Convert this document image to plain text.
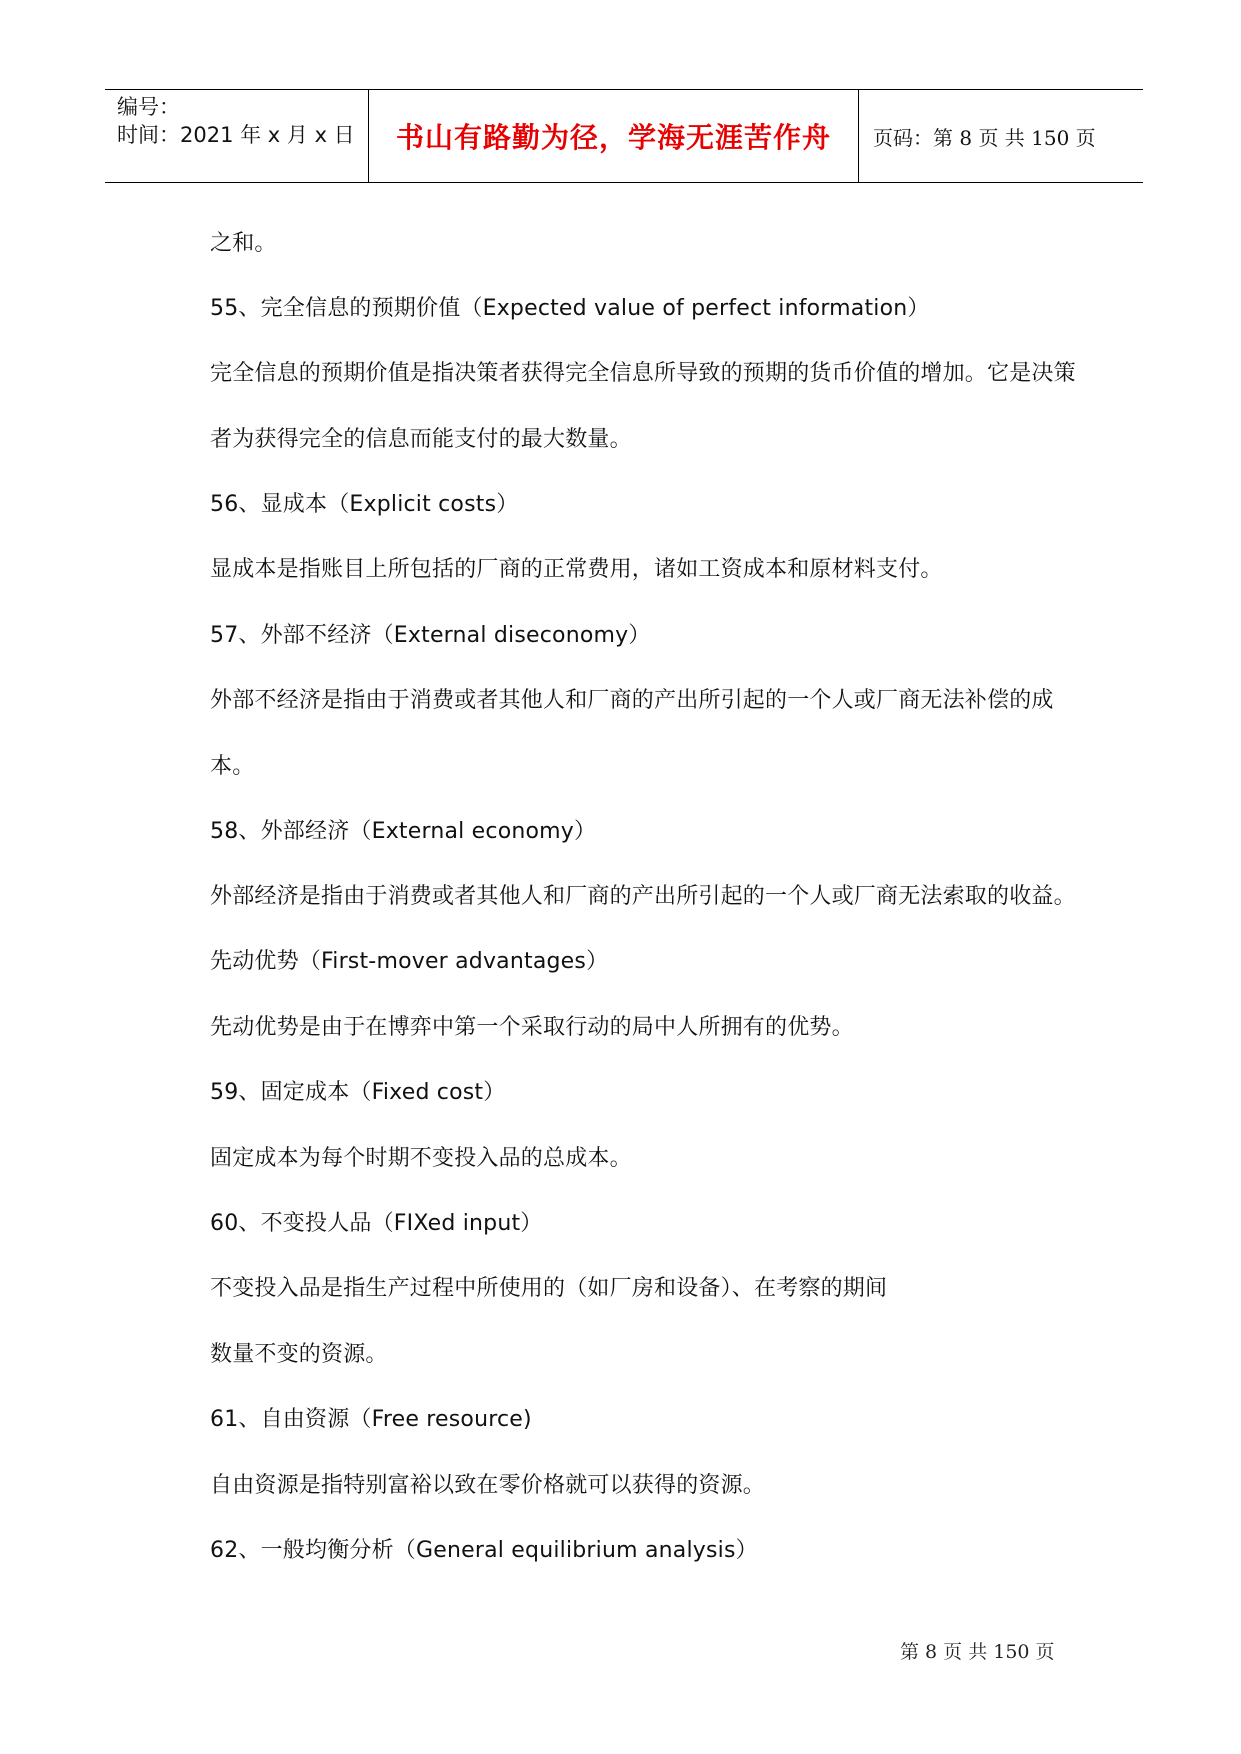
编号：
时间：2021 年 x 月 x 日	书山有路勤为径，学海无涯苦作舟	页码：第 8 页 共 150 页
之和。
55、完全信息的预期价值（Expected value of perfect information）
完全信息的预期价值是指决策者获得完全信息所导致的预期的货币价值的增加。它是决策
者为获得完全的信息而能支付的最大数量。
56、显成本（Explicit costs）
显成本是指账目上所包括的厂商的正常费用，诸如工资成本和原材料支付。
57、外部不经济（External diseconomy）
外部不经济是指由于消费或者其他人和厂商的产出所引起的一个人或厂商无法补偿的成
本。
58、外部经济（External economy）
外部经济是指由于消费或者其他人和厂商的产出所引起的一个人或厂商无法索取的收益。
先动优势（First-mover advantages）
先动优势是由于在博弈中第一个采取行动的局中人所拥有的优势。
59、固定成本（Fixed cost）
固定成本为每个时期不变投入品的总成本。
60、不变投人品（FIXed input）
不变投入品是指生产过程中所使用的（如厂房和设备）、在考察的期间
数量不变的资源。
61、自由资源（Free resource)
自由资源是指特别富裕以致在零价格就可以获得的资源。
62、一般均衡分析（General equilibrium analysis）
第 8 页 共 150 页
